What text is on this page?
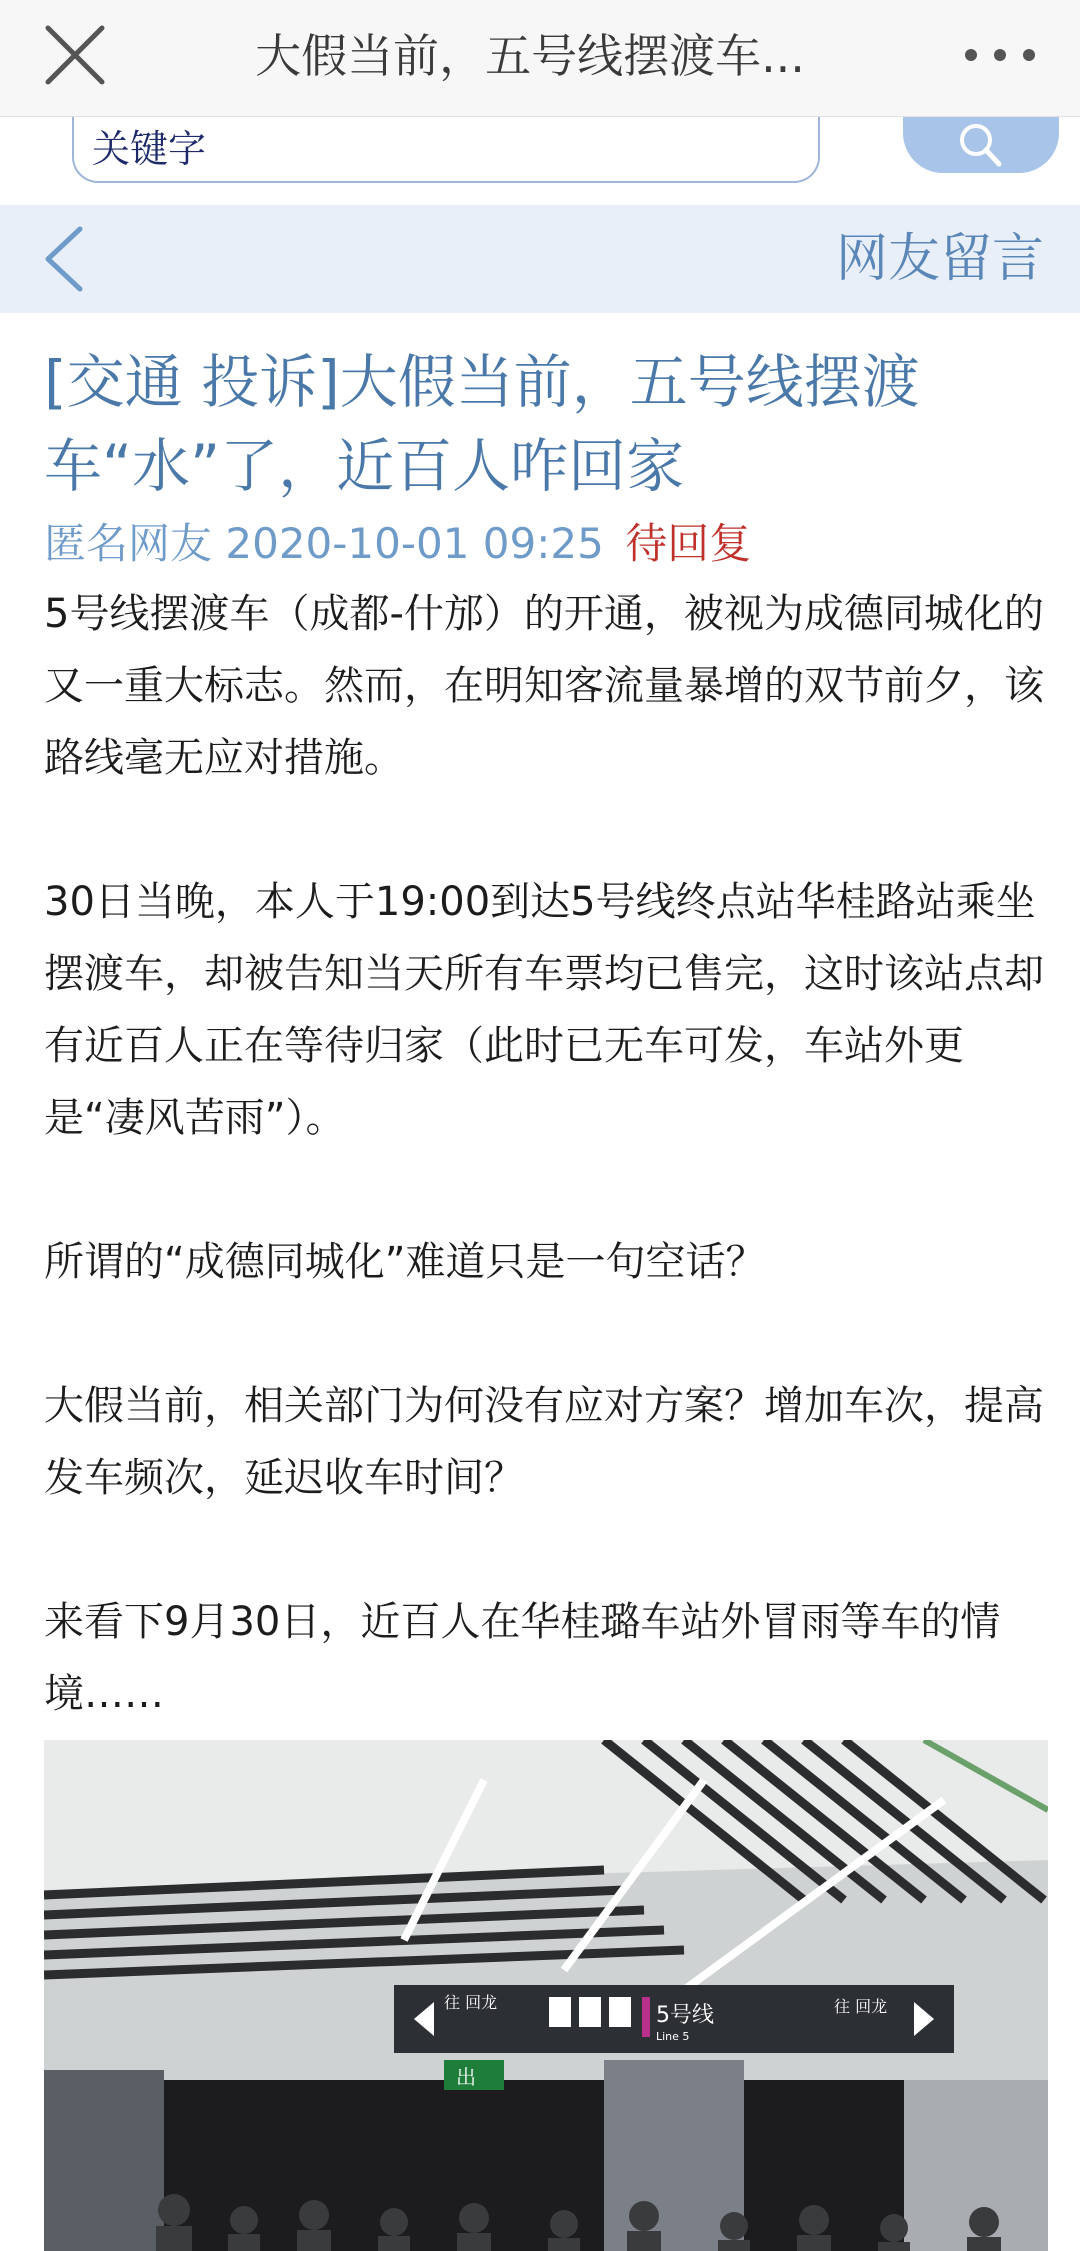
大假当前，五号线摆渡车...
关键字
网友留言
[交通 投诉]大假当前，五号线摆渡车“水”了，近百人咋回家
匿名网友 2020-10-01 09:25 待回复
5号线摆渡车（成都-什邡）的开通，被视为成德同城化的又一重大标志。然而，在明知客流量暴增的双节前夕，该路线毫无应对措施。
30日当晚，本人于19:00到达5号线终点站华桂路站乘坐摆渡车，却被告知当天所有车票均已售完，这时该站点却有近百人正在等待归家（此时已无车可发，车站外更是“凄风苦雨”）。
所谓的“成德同城化”难道只是一句空话？
大假当前，相关部门为何没有应对方案？增加车次，提高发车频次，延迟收车时间？
来看下9月30日，近百人在华桂璐车站外冒雨等车的情境……
往 回龙
5号线
Line 5
往 回龙
出
